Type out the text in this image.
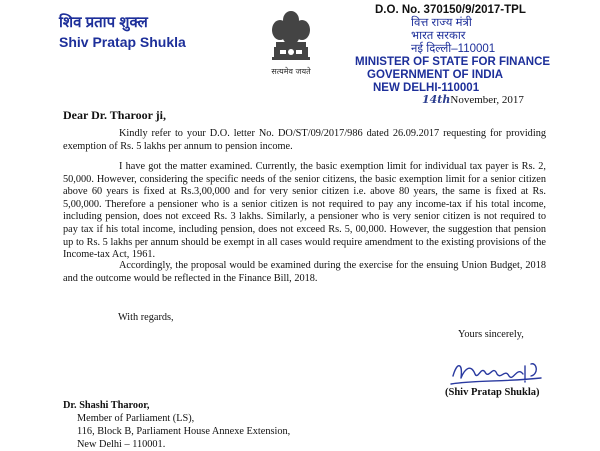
शिव प्रताप शुक्ल
Shiv Pratap Shukla
सत्यमेव जयते
D.O. No. 370150/9/2017-TPL
वित्त राज्य मंत्री
भारत सरकार
नई दिल्ली–110001
MINISTER OF STATE FOR FINANCE
GOVERNMENT OF INDIA
NEW DELHI-110001
14thNovember, 2017
Dear Dr. Tharoor ji,

Kindly refer to your D.O. letter No. DO/ST/09/2017/986 dated 26.09.2017 requesting for providing exemption of Rs. 5 lakhs per annum to pension income.

I have got the matter examined. Currently, the basic exemption limit for individual tax payer is Rs. 2, 50,000. However, considering the specific needs of the senior citizens, the basic exemption limit for a senior citizen above 60 years is fixed at Rs.3,00,000 and for very senior citizen i.e. above 80 years, the same is fixed at Rs. 5,00,000. Therefore a pensioner who is a senior citizen is not required to pay any income-tax if his total income, including pension, does not exceed Rs. 3 lakhs. Similarly, a pensioner who is very senior citizen is not required to pay tax if his total income, including pension, does not exceed Rs. 5, 00,000. However, the suggestion that pension up to Rs. 5 lakhs per annum should be exempt in all cases would require amendment to the existing provisions of the Income-tax Act, 1961.

Accordingly, the proposal would be examined during the exercise for the ensuing Union Budget, 2018 and the outcome would be reflected in the Finance Bill, 2018.

With regards,
Yours sincerely,
(Shiv Pratap Shukla)
Dr. Shashi Tharoor,
Member of Parliament (LS),
116, Block B, Parliament House Annexe Extension,
New Delhi – 110001.
